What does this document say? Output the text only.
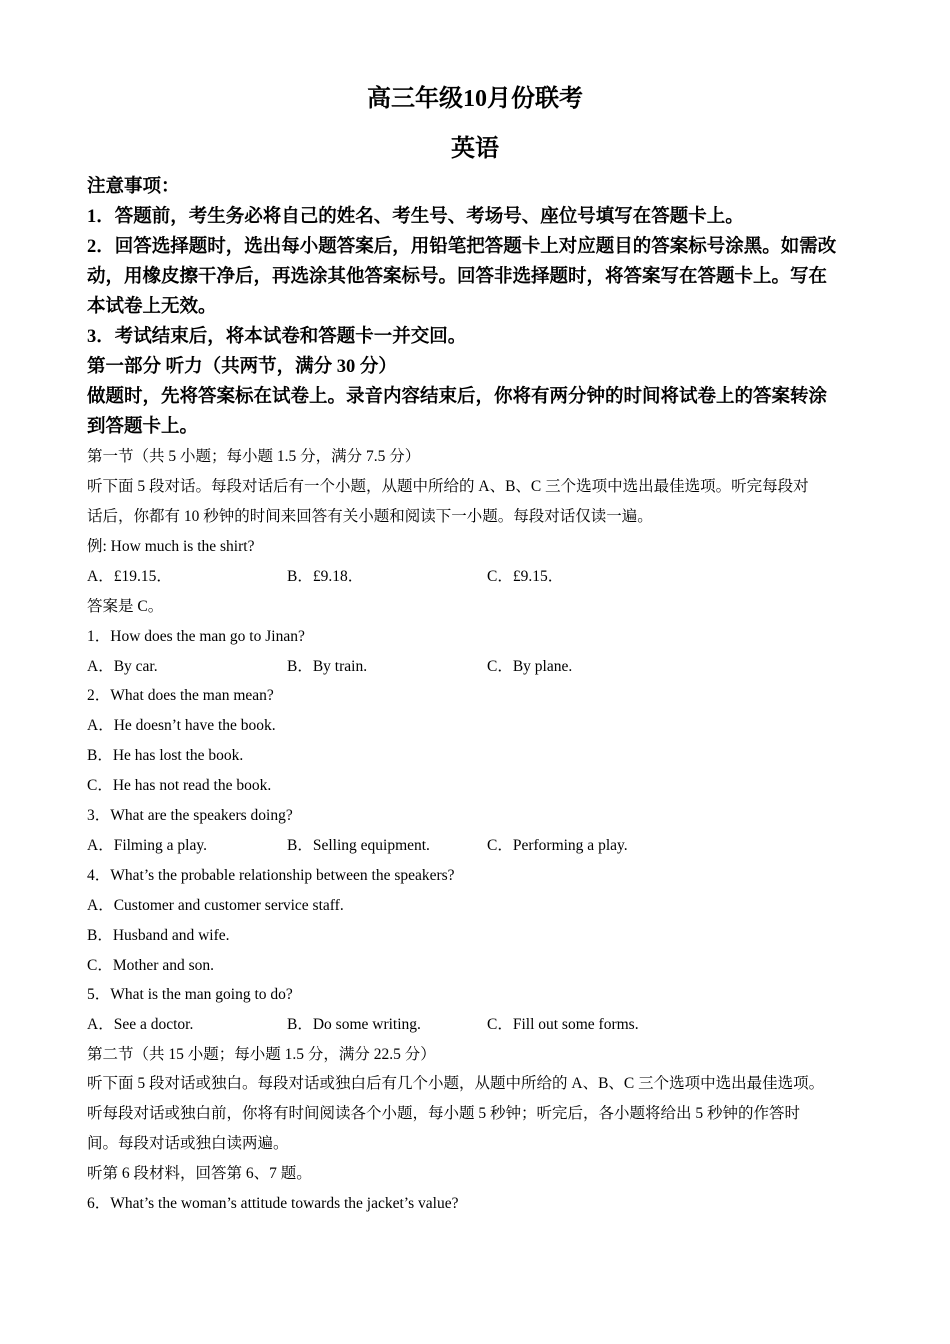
高三年级10月份联考
英语
注意事项：
1．答题前，考生务必将自己的姓名、考生号、考场号、座位号填写在答题卡上。
2．回答选择题时，选出每小题答案后，用铅笔把答题卡上对应题目的答案标号涂黑。如需改
动，用橡皮擦干净后，再选涂其他答案标号。回答非选择题时，将答案写在答题卡上。写在
本试卷上无效。
3．考试结束后，将本试卷和答题卡一并交回。
第一部分 听力（共两节，满分 30 分）
做题时，先将答案标在试卷上。录音内容结束后，你将有两分钟的时间将试卷上的答案转涂
到答题卡上。
第一节（共 5 小题；每小题 1.5 分，满分 7.5 分）
听下面 5 段对话。每段对话后有一个小题，从题中所给的 A、B、C 三个选项中选出最佳选项。听完每段对
话后，你都有 10 秒钟的时间来回答有关小题和阅读下一小题。每段对话仅读一遍。
例: How much is the shirt?
A．£19.15．	B．£9.18．	C．£9.15．
答案是 C。
1．How does the man go to Jinan?
A．By car.	B．By train.	C．By plane.
2．What does the man mean?
A．He doesn’t have the book.
B．He has lost the book.
C．He has not read the book.
3．What are the speakers doing?
A．Filming a play.	B．Selling equipment.	C．Performing a play.
4．What’s the probable relationship between the speakers?
A．Customer and customer service staff.
B．Husband and wife.
C．Mother and son.
5．What is the man going to do?
A．See a doctor.	B．Do some writing.	C．Fill out some forms.
第二节（共 15 小题；每小题 1.5 分，满分 22.5 分）
听下面 5 段对话或独白。每段对话或独白后有几个小题，从题中所给的 A、B、C 三个选项中选出最佳选项。
听每段对话或独白前，你将有时间阅读各个小题，每小题 5 秒钟；听完后，各小题将给出 5 秒钟的作答时
间。每段对话或独白读两遍。
听第 6 段材料，回答第 6、7 题。
6．What’s the woman’s attitude towards the jacket’s value?
